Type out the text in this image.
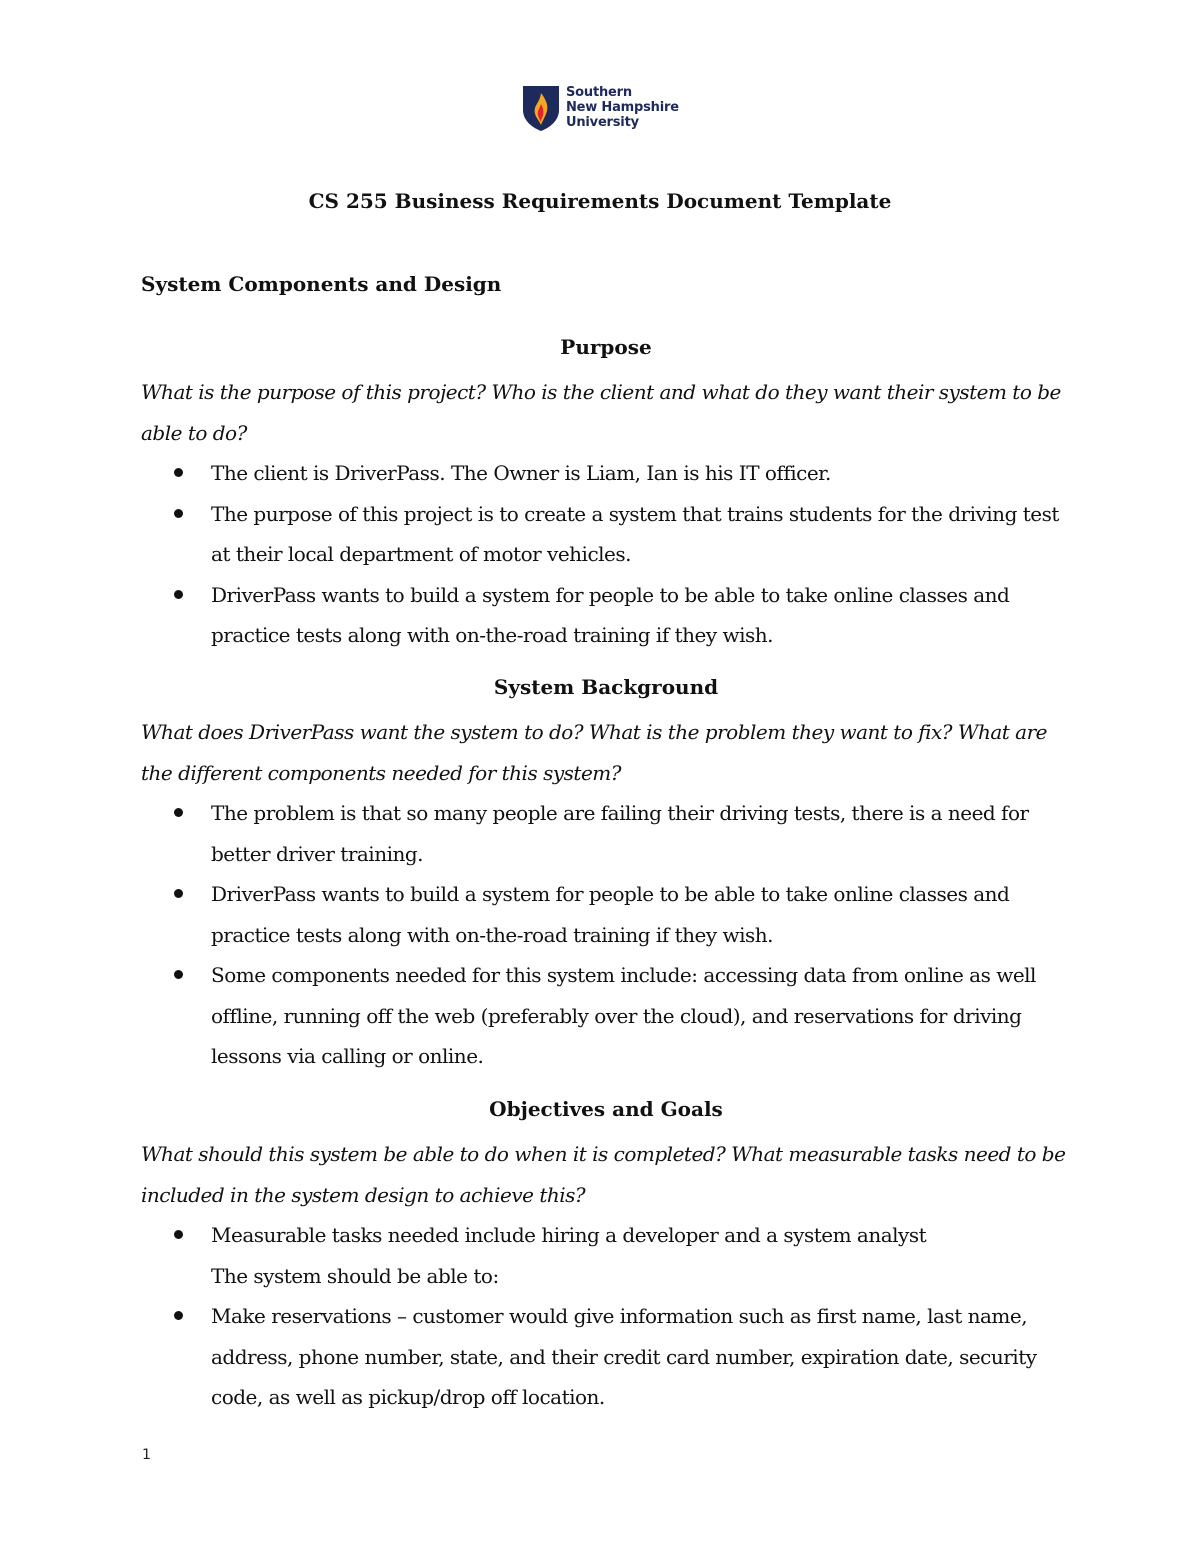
Southern
New Hampshire
University
CS 255 Business Requirements Document Template
System Components and Design
Purpose
What is the purpose of this project? Who is the client and what do they want their system to be able to do?
The client is DriverPass. The Owner is Liam, Ian is his IT officer.
The purpose of this project is to create a system that trains students for the driving test at their local department of motor vehicles.
DriverPass wants to build a system for people to be able to take online classes and practice tests along with on-the-road training if they wish.
System Background
What does DriverPass want the system to do? What is the problem they want to fix? What are the different components needed for this system?
The problem is that so many people are failing their driving tests, there is a need for better driver training.
DriverPass wants to build a system for people to be able to take online classes and practice tests along with on-the-road training if they wish.
Some components needed for this system include: accessing data from online as well offline, running off the web (preferably over the cloud), and reservations for driving lessons via calling or online.
Objectives and Goals
What should this system be able to do when it is completed? What measurable tasks need to be included in the system design to achieve this?
Measurable tasks needed include hiring a developer and a system analyst
The system should be able to:
Make reservations – customer would give information such as first name, last name, address, phone number, state, and their credit card number, expiration date, security code, as well as pickup/drop off location.
1
